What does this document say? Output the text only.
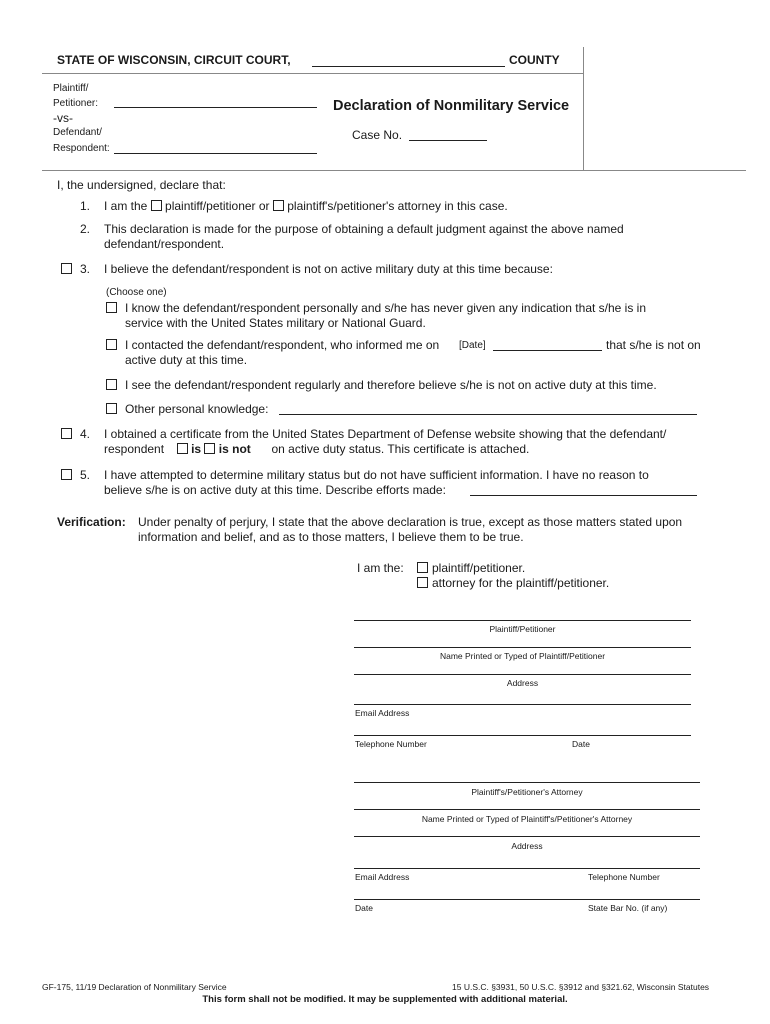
STATE OF WISCONSIN, CIRCUIT COURT,	COUNTY
Plaintiff/
Petitioner:
-vs-
Defendant/
Respondent:
Declaration of Nonmilitary Service
Case No.
I, the undersigned, declare that:
1. I am the plaintiff/petitioner or plaintiff's/petitioner's attorney in this case.
2. This declaration is made for the purpose of obtaining a default judgment against the above named
defendant/respondent.
3. I believe the defendant/respondent is not on active military duty at this time because:
(Choose one)
I know the defendant/respondent personally and s/he has never given any indication that s/he is in
service with the United States military or National Guard.
I contacted the defendant/respondent, who informed me on [Date]	that s/he is not on
active duty at this time.
I see the defendant/respondent regularly and therefore believe s/he is not on active duty at this time.
Other personal knowledge:
4. I obtained a certificate from the United States Department of Defense website showing that the defendant/
respondent is is not on active duty status. This certificate is attached.
5. I have attempted to determine military status but do not have sufficient information. I have no reason to
believe s/he is on active duty at this time. Describe efforts made:
Verification: Under penalty of perjury, I state that the above declaration is true, except as those matters stated upon
information and belief, and as to those matters, I believe them to be true.
I am the: plaintiff/petitioner.
attorney for the plaintiff/petitioner.
Plaintiff/Petitioner
Name Printed or Typed of Plaintiff/Petitioner
Address
Email Address
Telephone Number	Date
Plaintiff's/Petitioner's Attorney
Name Printed or Typed of Plaintiff's/Petitioner's Attorney
Address
Email Address	Telephone Number
Date	State Bar No. (if any)
GF-175, 11/19 Declaration of Nonmilitary Service	15 U.S.C. §3931, 50 U.S.C. §3912 and §321.62, Wisconsin Statutes
This form shall not be modified. It may be supplemented with additional material.
